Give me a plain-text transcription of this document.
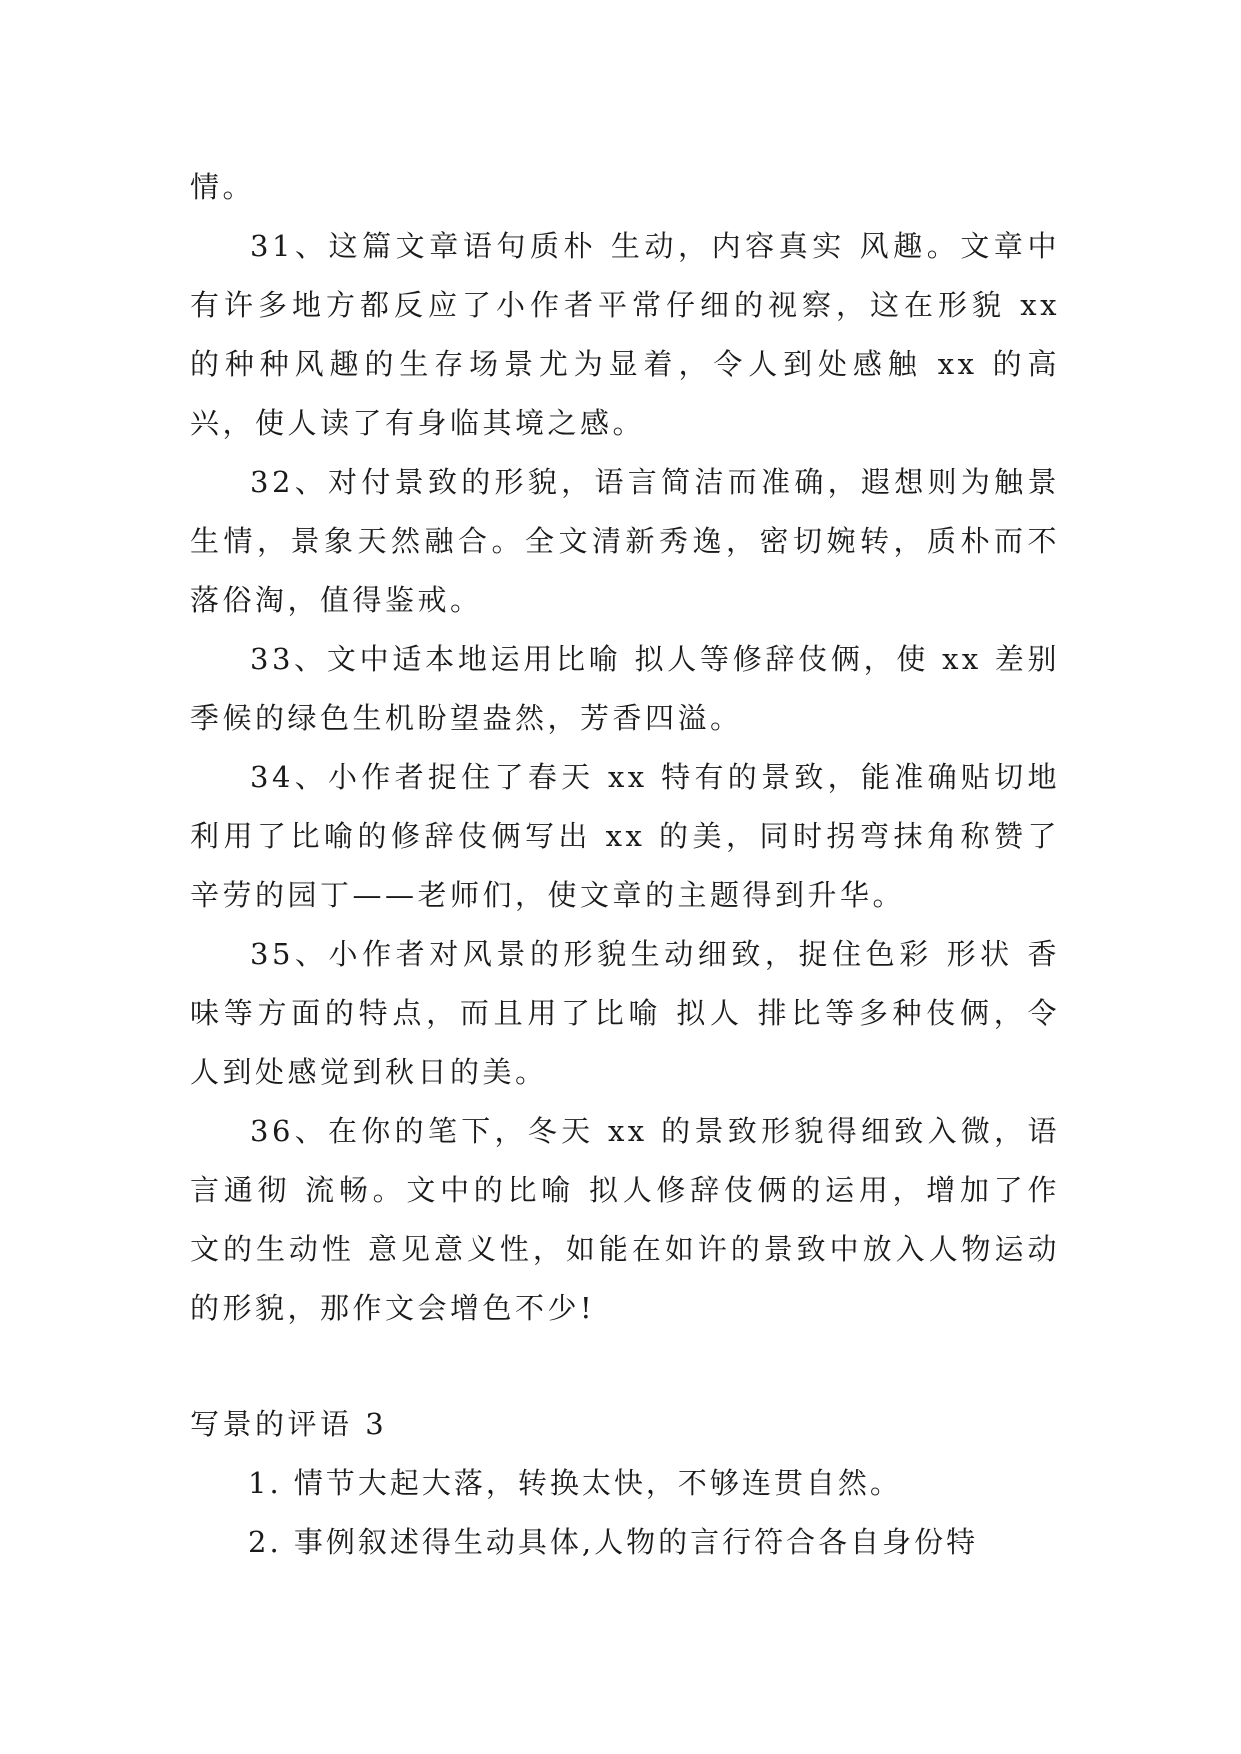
情。

31、这篇文章语句质朴 生动，内容真实 风趣。文章中有许多地方都反应了小作者平常仔细的视察，这在形貌 xx 的种种风趣的生存场景尤为显着，令人到处感触 xx 的高兴，使人读了有身临其境之感。

32、对付景致的形貌，语言简洁而准确，遐想则为触景生情，景象天然融合。全文清新秀逸，密切婉转，质朴而不落俗淘，值得鉴戒。

33、文中适本地运用比喻 拟人等修辞伎俩，使 xx 差别季候的绿色生机盼望盎然，芳香四溢。

34、小作者捉住了春天 xx 特有的景致，能准确贴切地利用了比喻的修辞伎俩写出 xx 的美，同时拐弯抹角称赞了辛劳的园丁——老师们，使文章的主题得到升华。

35、小作者对风景的形貌生动细致，捉住色彩 形状 香味等方面的特点，而且用了比喻 拟人 排比等多种伎俩，令人到处感觉到秋日的美。

36、在你的笔下，冬天 xx 的景致形貌得细致入微，语言通彻 流畅。文中的比喻 拟人修辞伎俩的运用，增加了作文的生动性 意见意义性，如能在如许的景致中放入人物运动的形貌，那作文会增色不少!

写景的评语 3

1. 情节大起大落，转换太快，不够连贯自然。

2. 事例叙述得生动具体,人物的言行符合各自身份特
